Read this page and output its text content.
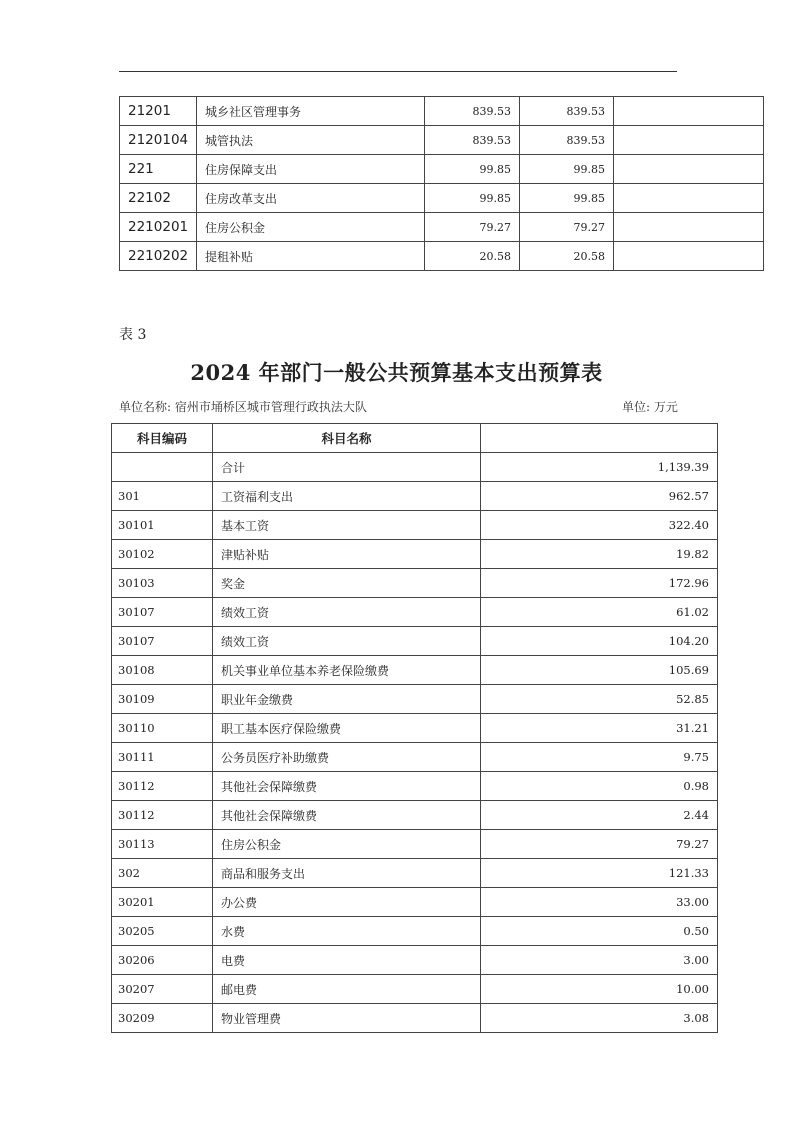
21201	城乡社区管理事务	839.53	839.53	
2120104	城管执法	839.53	839.53	
221	住房保障支出	99.85	99.85	
22102	住房改革支出	99.85	99.85	
2210201	住房公积金	79.27	79.27	
2210202	提租补贴	20.58	20.58	
表 3
2024 年部门一般公共预算基本支出预算表
单位名称: 宿州市埇桥区城市管理行政执法大队	单位: 万元
科目编码	科目名称	
	合计	1,139.39
301	工资福利支出	962.57
30101	基本工资	322.40
30102	津贴补贴	19.82
30103	奖金	172.96
30107	绩效工资	61.02
30107	绩效工资	104.20
30108	机关事业单位基本养老保险缴费	105.69
30109	职业年金缴费	52.85
30110	职工基本医疗保险缴费	31.21
30111	公务员医疗补助缴费	9.75
30112	其他社会保障缴费	0.98
30112	其他社会保障缴费	2.44
30113	住房公积金	79.27
302	商品和服务支出	121.33
30201	办公费	33.00
30205	水费	0.50
30206	电费	3.00
30207	邮电费	10.00
30209	物业管理费	3.08
